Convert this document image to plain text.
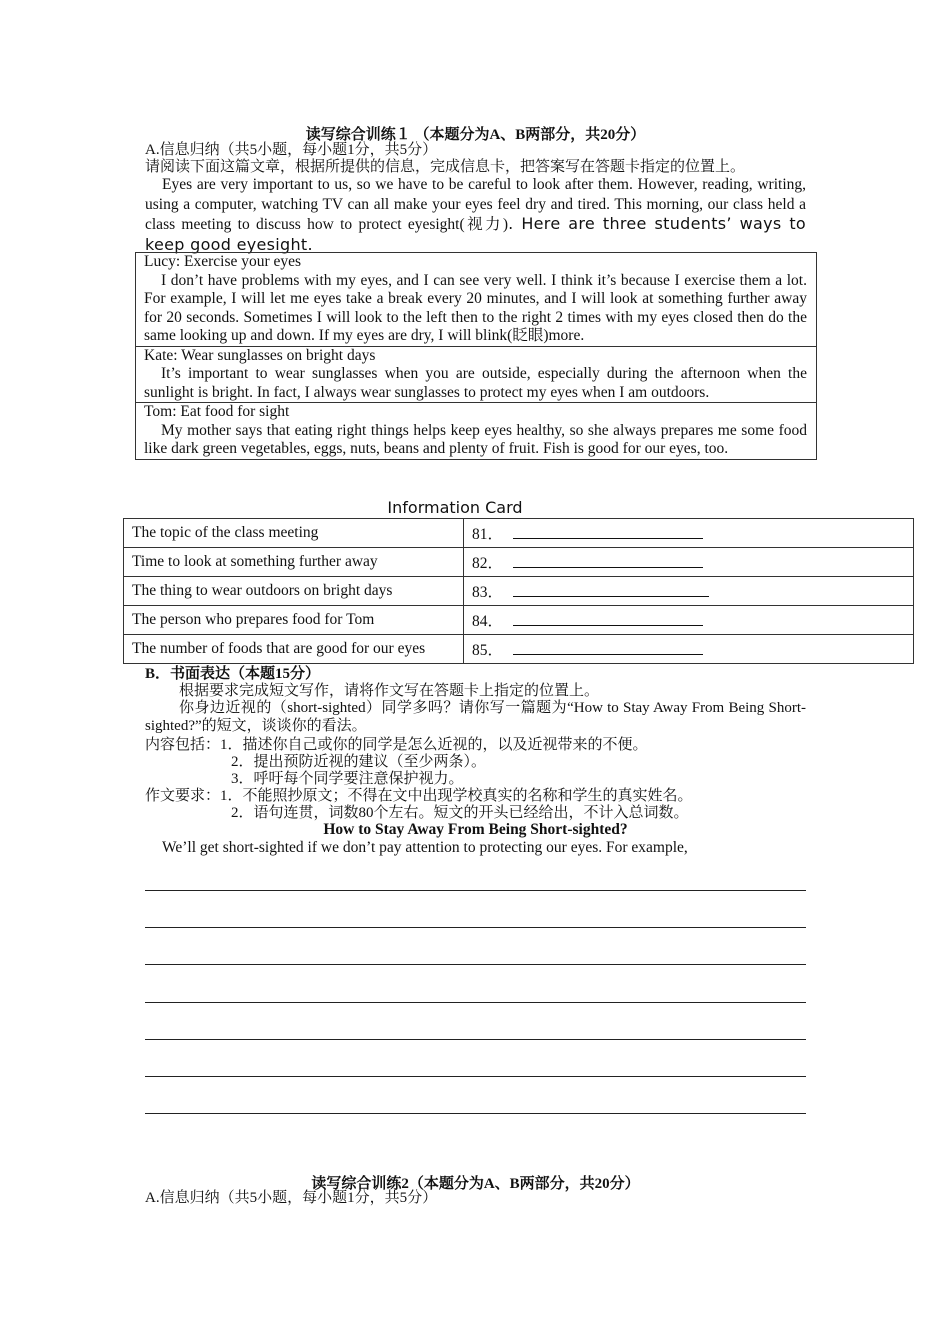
读写综合训练１ （本题分为A、B两部分，共20分）
A.信息归纳（共5小题，每小题1分，共5分）
请阅读下面这篇文章，根据所提供的信息，完成信息卡，把答案写在答题卡指定的位置上。
Eyes are very important to us, so we have to be careful to look after them. However, reading, writing, using a computer, watching TV can all make your eyes feel dry and tired. This morning, our class held a class meeting to discuss how to protect eyesight(视力). Here are three students’ ways to keep good eyesight.
Lucy: Exercise your eyes
I don’t have problems with my eyes, and I can see very well. I think it’s because I exercise them a lot. For example, I will let me eyes take a break every 20 minutes, and I will look at something further away for 20 seconds. Sometimes I will look to the left then to the right 2 times with my eyes closed then do the same looking up and down. If my eyes are dry, I will blink(眨眼)more.
Kate: Wear sunglasses on bright days
It’s important to wear sunglasses when you are outside, especially during the afternoon when the sunlight is bright. In fact, I always wear sunglasses to protect my eyes when I am outdoors.
Tom: Eat food for sight
My mother says that eating right things helps keep eyes healthy, so she always prepares me some food like dark green vegetables, eggs, nuts, beans and plenty of fruit. Fish is good for our eyes, too.
Information Card
The topic of the class meeting	81．
Time to look at something further away	82．
The thing to wear outdoors on bright days	83．
The person who prepares food for Tom	84．
The number of foods that are good for our eyes	85．
B．书面表达（本题15分）
根据要求完成短文写作，请将作文写在答题卡上指定的位置上。
你身边近视的（short-sighted）同学多吗？请你写一篇题为“How to Stay Away From Being Short-sighted?”的短文，谈谈你的看法。
内容包括：1．描述你自己或你的同学是怎么近视的，以及近视带来的不便。
2．提出预防近视的建议（至少两条）。
3．呼吁每个同学要注意保护视力。
作文要求：1．不能照抄原文；不得在文中出现学校真实的名称和学生的真实姓名。
2．语句连贯，词数80个左右。短文的开头已经给出，不计入总词数。
How to Stay Away From Being Short-sighted?
We’ll get short-sighted if we don’t pay attention to protecting our eyes. For example,
读写综合训练2（本题分为A、B两部分，共20分）
A.信息归纳（共5小题，每小题1分，共5分）
